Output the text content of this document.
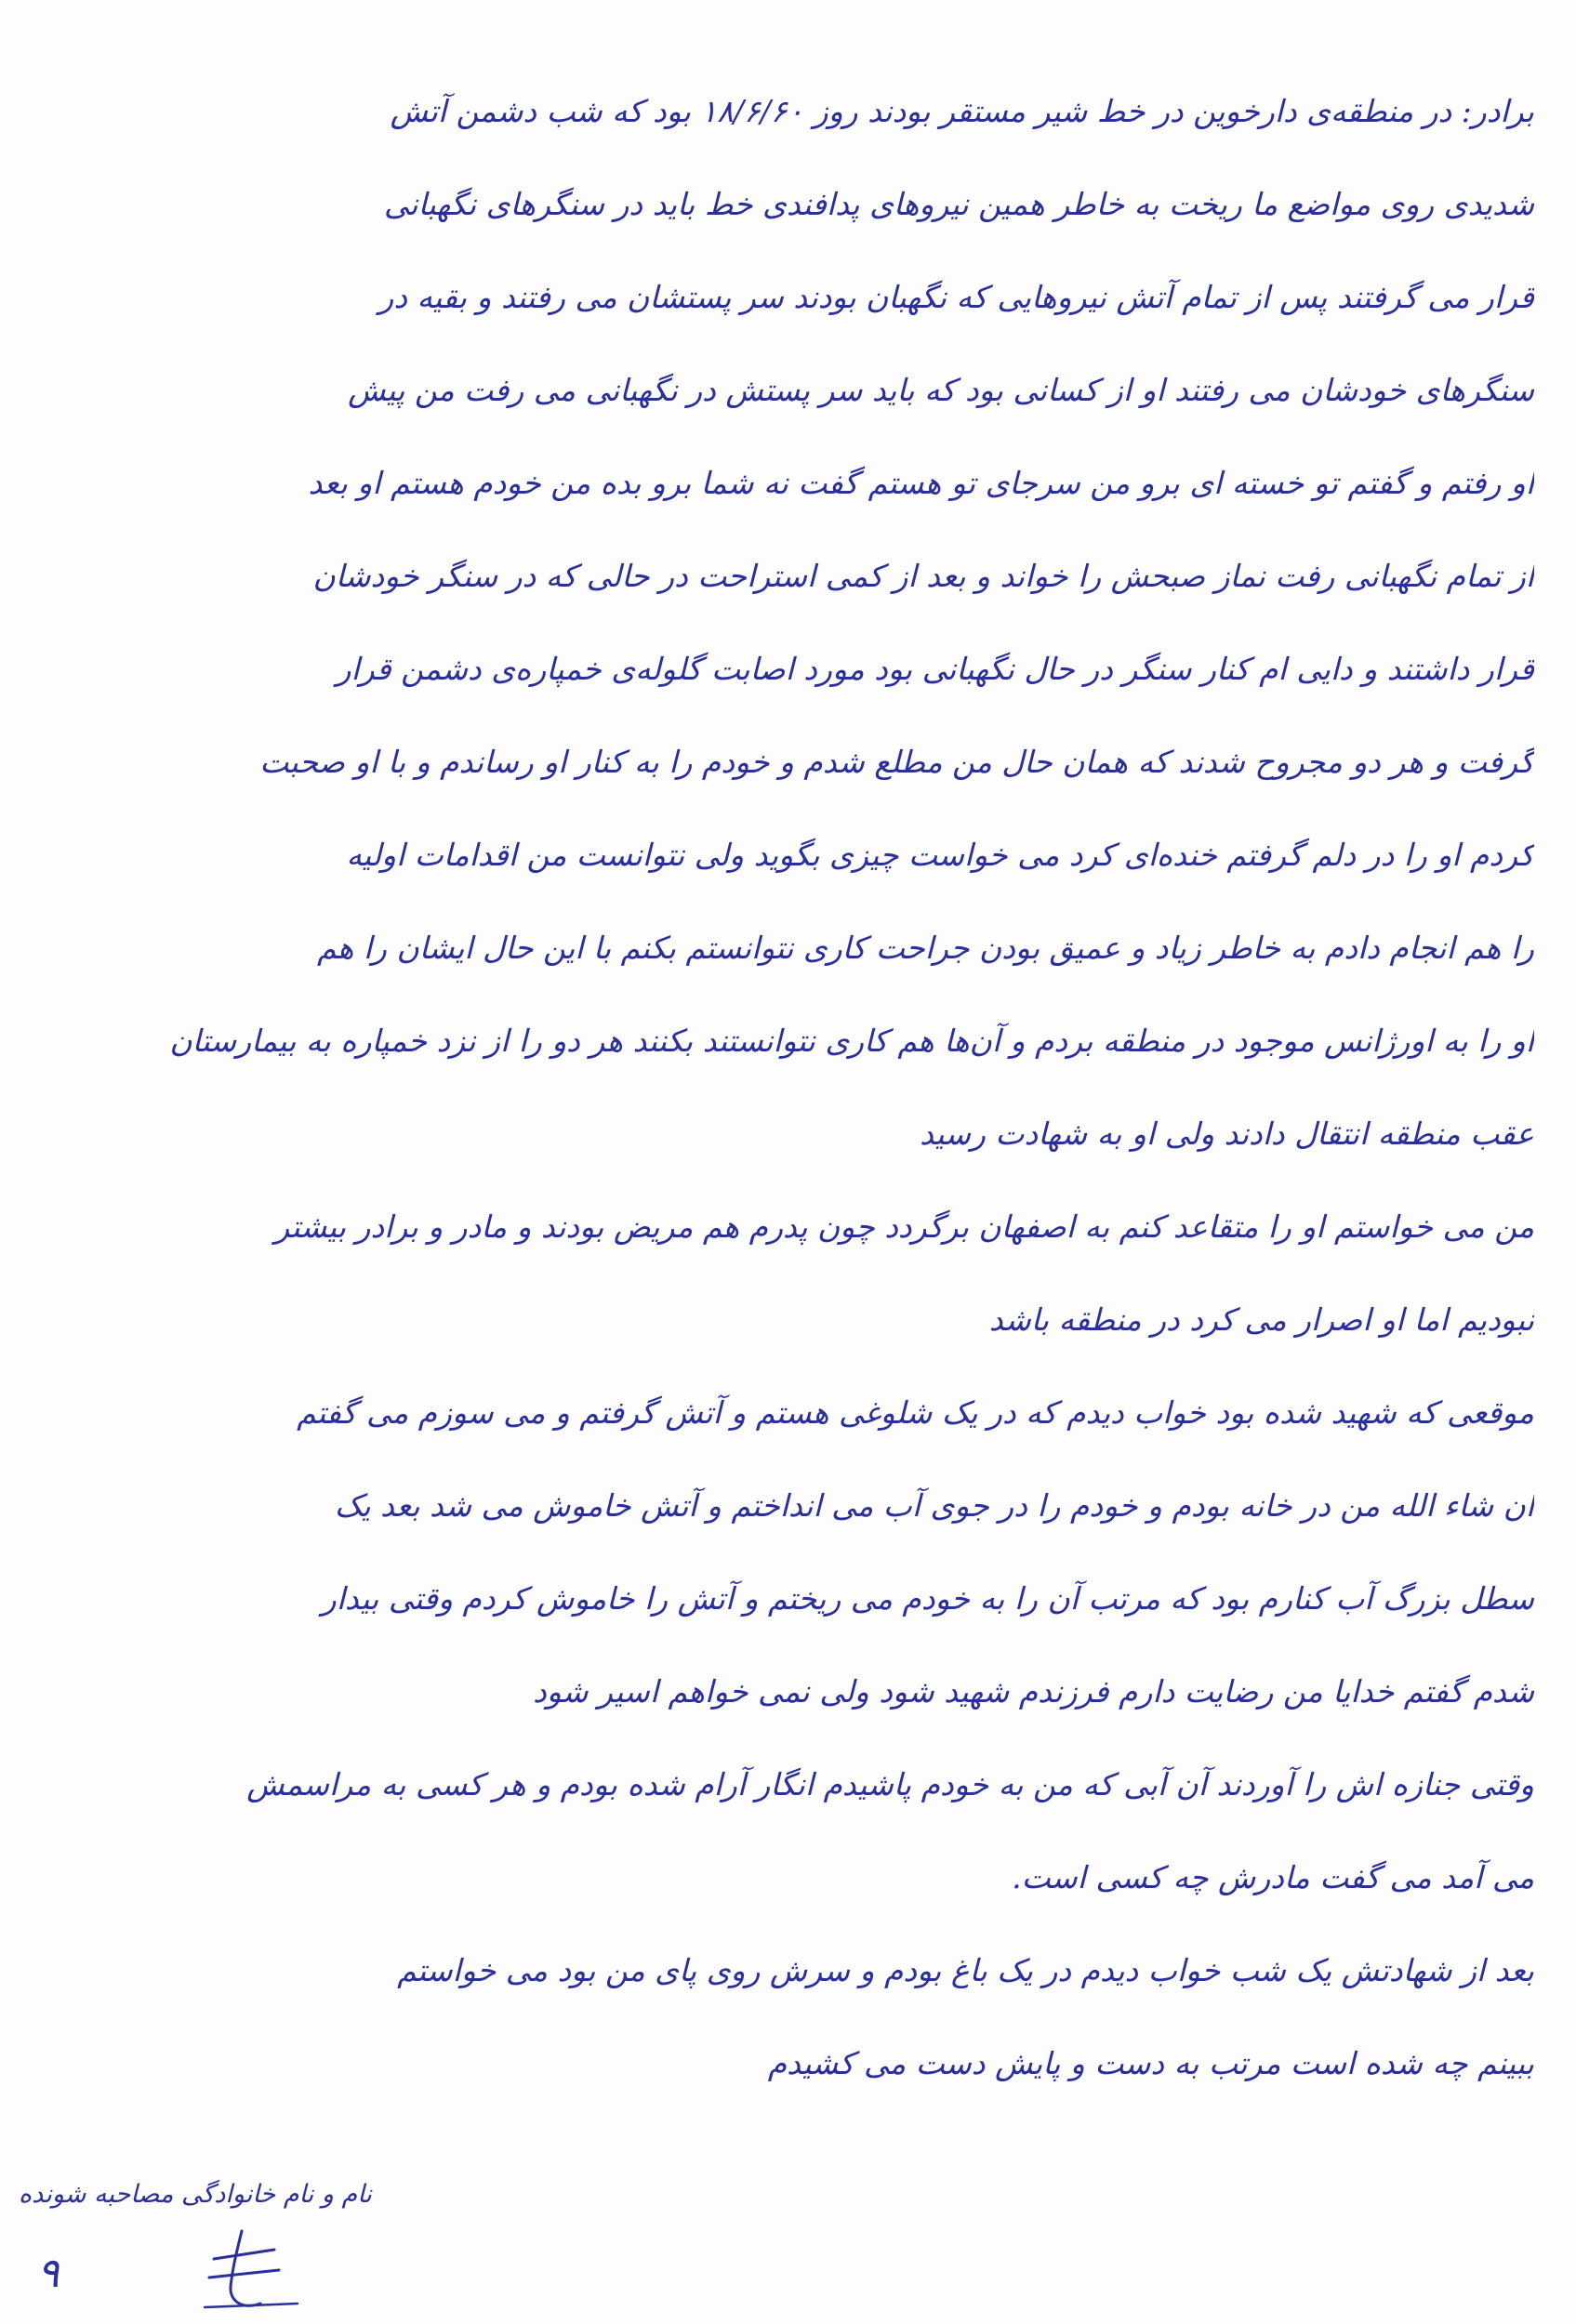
برادر: در منطقه‌ی دارخوین در خط شیر مستقر بودند روز ۱۸/۶/۶۰ بود که شب دشمن آتش
شدیدی روی مواضع ما ریخت به خاطر همین نیروهای پدافندی خط باید در سنگرهای نگهبانی
قرار می گرفتند پس از تمام آتش نیروهایی که نگهبان بودند سر پستشان می رفتند و بقیه در
سنگرهای خودشان می رفتند او از کسانی بود که باید سر پستش در نگهبانی می رفت من پیش
او رفتم و گفتم تو خسته ای برو من سرجای تو هستم گفت نه شما برو بده من خودم هستم او بعد
از تمام نگهبانی رفت نماز صبحش را خواند و بعد از کمی استراحت در حالی که در سنگر خودشان
قرار داشتند و دایی ام کنار سنگر در حال نگهبانی بود مورد اصابت گلوله‌ی خمپاره‌ی دشمن قرار
گرفت و هر دو مجروح شدند که همان حال من مطلع شدم و خودم را به کنار او رساندم و با او صحبت
کردم او را در دلم گرفتم خنده‌ای کرد می خواست چیزی بگوید ولی نتوانست من اقدامات اولیه
را هم انجام دادم به خاطر زیاد و عمیق بودن جراحت کاری نتوانستم بکنم با این حال ایشان را هم
او را به اورژانس موجود در منطقه بردم و آن‌ها هم کاری نتوانستند بکنند هر دو را از نزد خمپاره به بیمارستان
عقب منطقه انتقال دادند ولی او به شهادت رسید
من می خواستم او را متقاعد کنم به اصفهان برگردد چون پدرم هم مریض بودند و مادر و برادر بیشتر
نبودیم اما او اصرار می کرد در منطقه باشد
موقعی که شهید شده بود خواب دیدم که در یک شلوغی هستم و آتش گرفتم و می سوزم می گفتم
ان شاء الله من در خانه بودم و خودم را در جوی آب می انداختم و آتش خاموش می شد بعد یک
سطل بزرگ آب کنارم بود که مرتب آن را به خودم می ریختم و آتش را خاموش کردم وقتی بیدار
شدم گفتم خدایا من رضایت دارم فرزندم شهید شود ولی نمی خواهم اسیر شود
وقتی جنازه اش را آوردند آن آبی که من به خودم پاشیدم انگار آرام شده بودم و هر کسی به مراسمش
می آمد می گفت مادرش چه کسی است.
بعد از شهادتش یک شب خواب دیدم در یک باغ بودم و سرش روی پای من بود می خواستم
ببینم چه شده است مرتب به دست و پایش دست می کشیدم
نام و نام خانوادگی مصاحبه شونده
۹
